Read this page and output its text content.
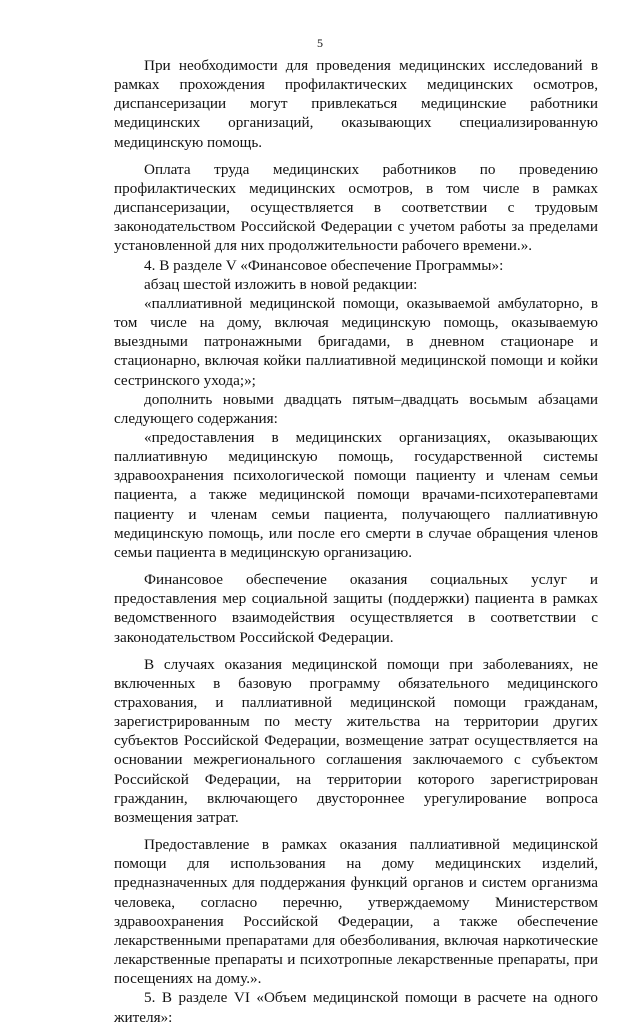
5

При необходимости для проведения медицинских исследований в рамках прохождения профилактических медицинских осмотров, диспансеризации могут привлекаться медицинские работники медицинских организаций, оказывающих специализированную медицинскую помощь.

Оплата труда медицинских работников по проведению профилактических медицинских осмотров, в том числе в рамках диспансеризации, осуществляется в соответствии с трудовым законодательством Российской Федерации с учетом работы за пределами установленной для них продолжительности рабочего времени.».

4. В разделе V «Финансовое обеспечение Программы»:

абзац шестой изложить в новой редакции:

«паллиативной медицинской помощи, оказываемой амбулаторно, в том числе на дому, включая медицинскую помощь, оказываемую выездными патронажными бригадами, в дневном стационаре и стационарно, включая койки паллиативной медицинской помощи и койки сестринского ухода;»;

дополнить новыми двадцать пятым–двадцать восьмым абзацами следующего содержания:

«предоставления в медицинских организациях, оказывающих паллиативную медицинскую помощь, государственной системы здравоохранения психологической помощи пациенту и членам семьи пациента, а также медицинской помощи врачами-психотерапевтами пациенту и членам семьи пациента, получающего паллиативную медицинскую помощь, или после его смерти в случае обращения членов семьи пациента в медицинскую организацию.

Финансовое обеспечение оказания социальных услуг и предоставления мер социальной защиты (поддержки) пациента в рамках ведомственного взаимодействия осуществляется в соответствии с законодательством Российской Федерации.

В случаях оказания медицинской помощи при заболеваниях, не включенных в базовую программу обязательного медицинского страхования, и паллиативной медицинской помощи гражданам, зарегистрированным по месту жительства на территории других субъектов Российской Федерации, возмещение затрат осуществляется на основании межрегионального соглашения заключаемого с субъектом Российской Федерации, на территории которого зарегистрирован гражданин, включающего двустороннее урегулирование вопроса возмещения затрат.

Предоставление в рамках оказания паллиативной медицинской помощи для использования на дому медицинских изделий, предназначенных для поддержания функций органов и систем организма человека, согласно перечню, утверждаемому Министерством здравоохранения Российской Федерации, а также обеспечение лекарственными препаратами для обезболивания, включая наркотические лекарственные препараты и психотропные лекарственные препараты, при посещениях на дому.».

5. В разделе VI «Объем медицинской помощи в расчете на одного жителя»:
